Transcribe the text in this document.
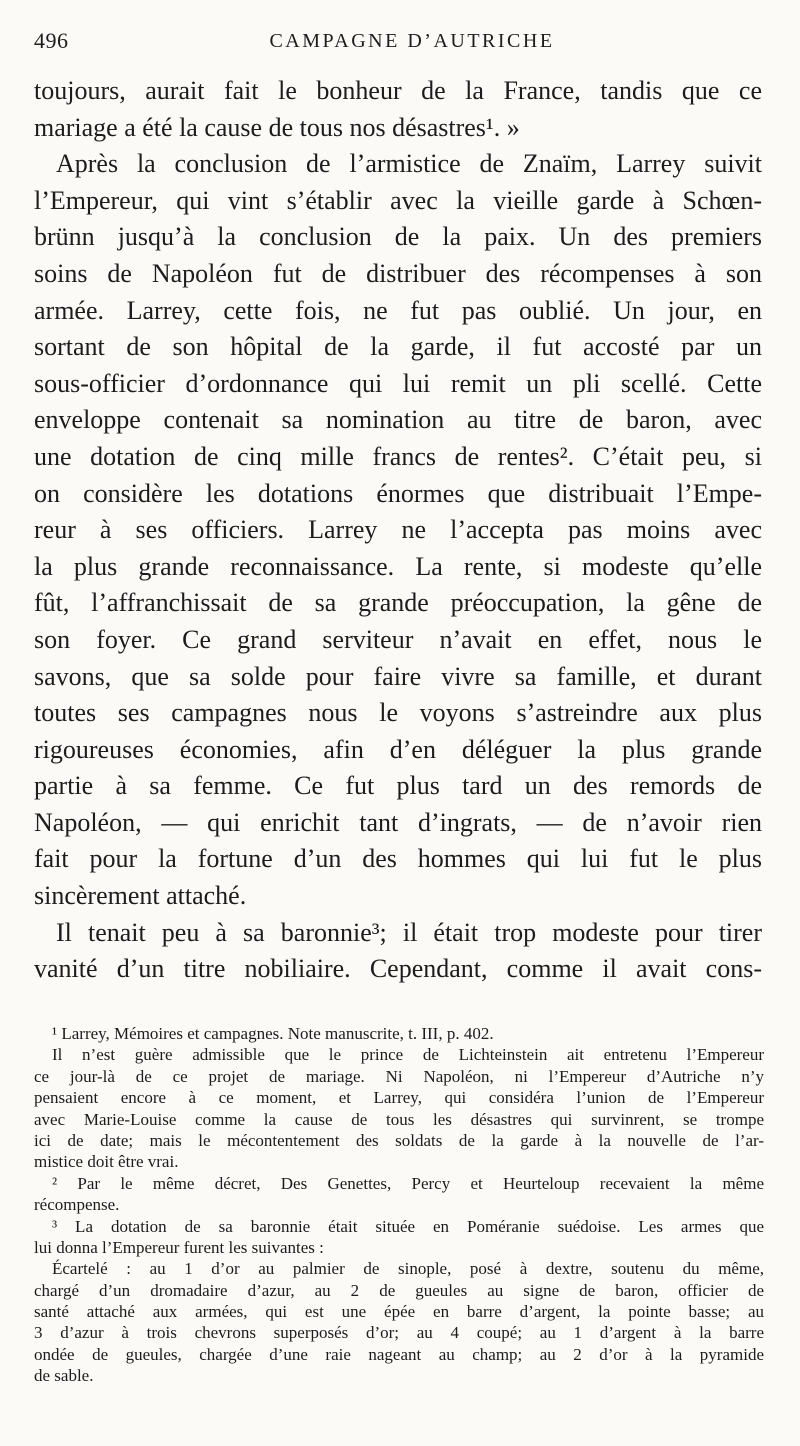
496	CAMPAGNE D’AUTRICHE
toujours, aurait fait le bonheur de la France, tandis que ce
mariage a été la cause de tous nos désastres¹. »
Après la conclusion de l’armistice de Znaïm, Larrey suivit
l’Empereur, qui vint s’établir avec la vieille garde à Schœn-
brünn jusqu’à la conclusion de la paix. Un des premiers
soins de Napoléon fut de distribuer des récompenses à son
armée. Larrey, cette fois, ne fut pas oublié. Un jour, en
sortant de son hôpital de la garde, il fut accosté par un
sous-officier d’ordonnance qui lui remit un pli scellé. Cette
enveloppe contenait sa nomination au titre de baron, avec
une dotation de cinq mille francs de rentes². C’était peu, si
on considère les dotations énormes que distribuait l’Empe-
reur à ses officiers. Larrey ne l’accepta pas moins avec
la plus grande reconnaissance. La rente, si modeste qu’elle
fût, l’affranchissait de sa grande préoccupation, la gêne de
son foyer. Ce grand serviteur n’avait en effet, nous le
savons, que sa solde pour faire vivre sa famille, et durant
toutes ses campagnes nous le voyons s’astreindre aux plus
rigoureuses économies, afin d’en déléguer la plus grande
partie à sa femme. Ce fut plus tard un des remords de
Napoléon, — qui enrichit tant d’ingrats, — de n’avoir rien
fait pour la fortune d’un des hommes qui lui fut le plus
sincèrement attaché.
Il tenait peu à sa baronnie³; il était trop modeste pour tirer
vanité d’un titre nobiliaire. Cependant, comme il avait cons-
¹ Larrey, Mémoires et campagnes. Note manuscrite, t. III, p. 402.
Il n’est guère admissible que le prince de Lichteinstein ait entretenu l’Empereur
ce jour-là de ce projet de mariage. Ni Napoléon, ni l’Empereur d’Autriche n’y
pensaient encore à ce moment, et Larrey, qui considéra l’union de l’Empereur
avec Marie-Louise comme la cause de tous les désastres qui survinrent, se trompe
ici de date; mais le mécontentement des soldats de la garde à la nouvelle de l’ar-
mistice doit être vrai.
² Par le même décret, Des Genettes, Percy et Heurteloup recevaient la même
récompense.
³ La dotation de sa baronnie était située en Poméranie suédoise. Les armes que
lui donna l’Empereur furent les suivantes :
Écartelé : au 1 d’or au palmier de sinople, posé à dextre, soutenu du même,
chargé d’un dromadaire d’azur, au 2 de gueules au signe de baron, officier de
santé attaché aux armées, qui est une épée en barre d’argent, la pointe basse; au
3 d’azur à trois chevrons superposés d’or; au 4 coupé; au 1 d’argent à la barre
ondée de gueules, chargée d’une raie nageant au champ; au 2 d’or à la pyramide
de sable.
